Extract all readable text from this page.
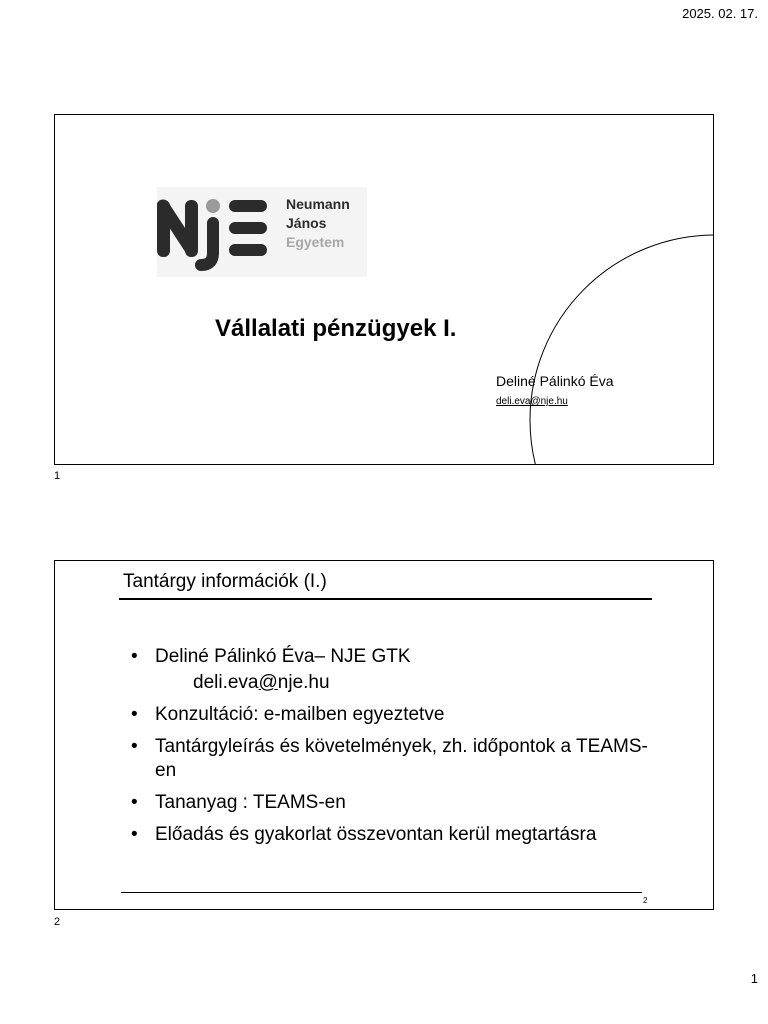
2025. 02. 17.
Neumann
János
Egyetem
Vállalati pénzügyek I.
Deliné Pálinkó Éva
deli.eva@nje.hu
1
Tantárgy információk (I.)
• Deliné Pálinkó Éva– NJE GTK
deli.eva@nje.hu
• Konzultáció: e-mailben egyeztetve
• Tantárgyleírás és követelmények, zh. időpontok a TEAMS-en
• Tananyag : TEAMS-en
• Előadás és gyakorlat összevontan kerül megtartásra
2
2
1
